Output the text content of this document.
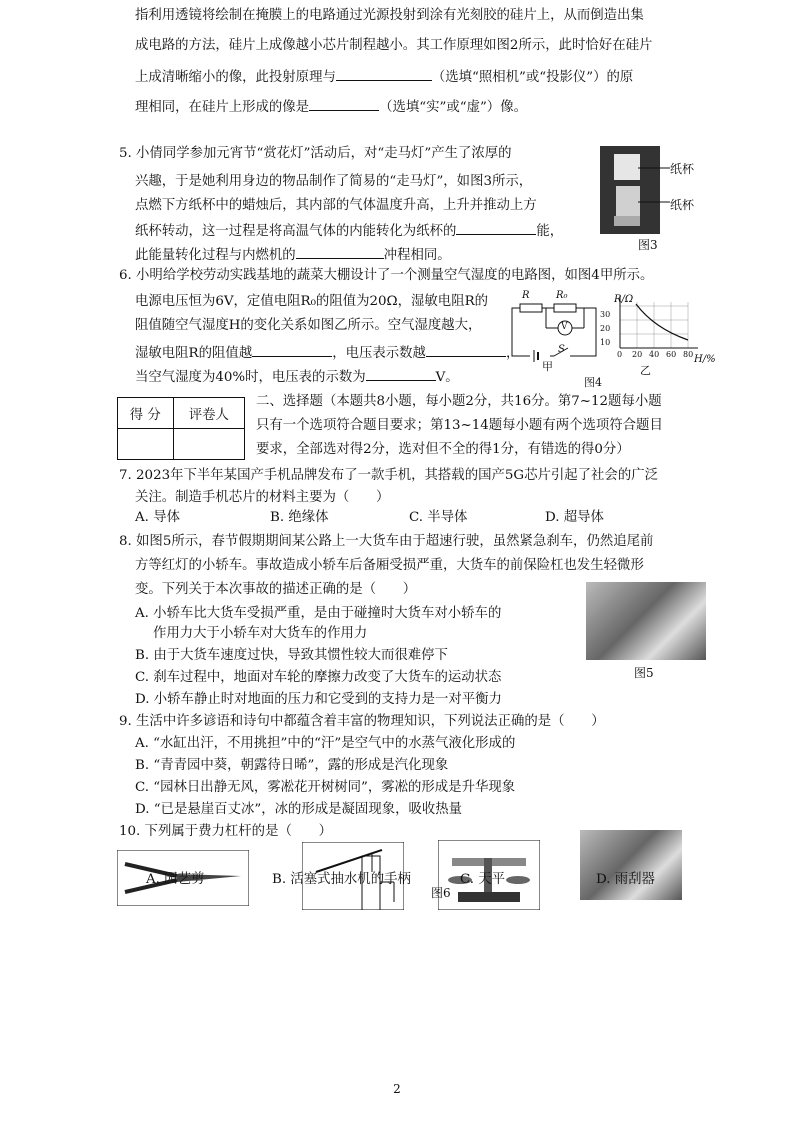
指利用透镜将绘制在掩膜上的电路通过光源投射到涂有光刻胶的硅片上，从而倒造出集
成电路的方法，硅片上成像越小芯片制程越小。其工作原理如图2所示，此时恰好在硅片
上成清晰缩小的像，此投射原理与	（选填“照相机”或“投影仪”）的原
理相同，在硅片上形成的像是	（选填“实”或“虚”）像。
5. 小倩同学参加元宵节“赏花灯”活动后，对“走马灯”产生了浓厚的
兴趣，于是她利用身边的物品制作了简易的“走马灯”，如图3所示，
点燃下方纸杯中的蜡烛后，其内部的气体温度升高，上升并推动上方
纸杯转动，这一过程是将高温气体的内能转化为纸杯的	能，
此能量转化过程与内燃机的	冲程相同。
纸杯
纸杯
图3
6. 小明给学校劳动实践基地的蔬菜大棚设计了一个测量空气湿度的电路图，如图4甲所示。
电源电压恒为6V，定值电阻R₀的阻值为20Ω，湿敏电阻R的
阻值随空气湿度H的变化关系如图乙所示。空气湿度越大，
湿敏电阻R的阻值越	，电压表示数越	，
当空气湿度为40%时，电压表的示数为	V。
R	R₀
V
S
甲
R/Ω
30
20
10
0 20 40 60 80 H/%
乙
图4
得 分	评卷人

二、选择题（本题共8小题，每小题2分，共16分。第7~12题每小题
只有一个选项符合题目要求；第13~14题每小题有两个选项符合题目
要求，全部选对得2分，选对但不全的得1分，有错选的得0分）
7. 2023年下半年某国产手机品牌发布了一款手机，其搭载的国产5G芯片引起了社会的广泛
关注。制造手机芯片的材料主要为（　　）
A. 导体	B. 绝缘体	C. 半导体	D. 超导体
8. 如图5所示，春节假期期间某公路上一大货车由于超速行驶，虽然紧急刹车，仍然追尾前
方等红灯的小轿车。事故造成小轿车后备厢受损严重，大货车的前保险杠也发生轻微形
变。下列关于本次事故的描述正确的是（　　）
A. 小轿车比大货车受损严重，是由于碰撞时大货车对小轿车的
作用力大于小轿车对大货车的作用力
B. 由于大货车速度过快，导致其惯性较大而很难停下
C. 刹车过程中，地面对车轮的摩擦力改变了大货车的运动状态
D. 小轿车静止时对地面的压力和它受到的支持力是一对平衡力
图5
9. 生活中许多谚语和诗句中都蕴含着丰富的物理知识，下列说法正确的是（　　）
A. “水缸出汗，不用挑担”中的“汗”是空气中的水蒸气液化形成的
B. “青青园中葵，朝露待日晞”，露的形成是汽化现象
C. “园林日出静无风，雾凇花开树树同”，雾凇的形成是升华现象
D. “已是悬崖百丈冰”，冰的形成是凝固现象，吸收热量
10. 下列属于费力杠杆的是（　　）
A. 园艺剪	B. 活塞式抽水机的手柄	C. 天平	D. 雨刮器
图6
2
